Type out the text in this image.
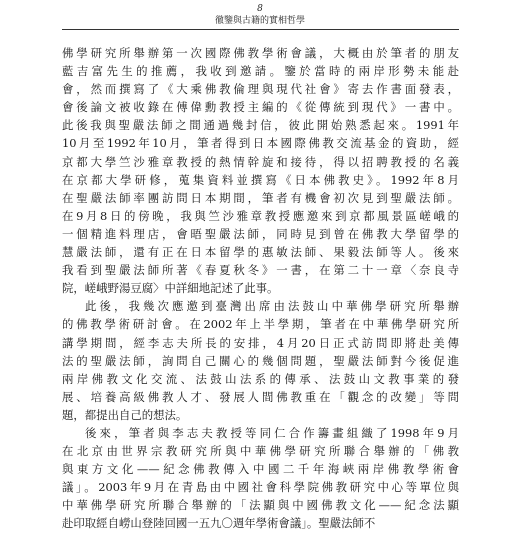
8
徹鑒與古籍的實相哲學
佛學研究所舉辦第一次國際佛教學術會議，大概由於筆者的朋友
藍吉富先生的推薦，我收到邀請。鑒於當時的兩岸形勢未能赴
會，然而撰寫了《大乘佛教倫理與現代社會》寄去作書面發表，
會後論文被收錄在傅偉勳教授主編的《從傳統到現代》一書中。
此後我與聖嚴法師之間通過幾封信，彼此開始熟悉起來。1991年
10月至1992年10月，筆者得到日本國際佛教交流基金的資助，經
京都大學竺沙雅章教授的熱情幹旋和接待，得以招聘教授的名義
在京都大學研修，蒐集資料並撰寫《日本佛教史》。1992年8月
在聖嚴法師率團訪問日本期間，筆者有機會初次見到聖嚴法師。
在9月8日的傍晚，我與竺沙雅章教授應邀來到京都風景區嵯峨的
一個精進料理店，會晤聖嚴法師，同時見到曾在佛教大學留學的
慧嚴法師，還有正在日本留學的惠敏法師、果毅法師等人。後來
我看到聖嚴法師所著《春夏秋冬》一書，在第二十一章〈奈良寺
院，嵯峨野湯豆腐〉中詳細地記述了此事。
此後，我幾次應邀到臺灣出席由法鼓山中華佛學研究所舉辦
的佛教學術研討會。在2002年上半學期，筆者在中華佛學研究所
講學期間，經李志夫所長的安排，4月20日正式訪問即將赴美傳
法的聖嚴法師，詢問自己關心的幾個問題，聖嚴法師對今後促進
兩岸佛教文化交流、法鼓山法系的傳承、法鼓山文教事業的發
展、培養高級佛教人才、發展人間佛教重在「觀念的改變」等問
題，都提出自己的想法。
後來，筆者與李志夫教授等同仁合作籌畫組織了1998年9月
在北京由世界宗教研究所與中華佛學研究所聯合舉辦的「佛教
與東方文化——紀念佛教傳入中國二千年海峽兩岸佛教學術會
議」。2003年9月在青島由中國社會科學院佛教研究中心等單位與
中華佛學研究所聯合舉辦的「法顯與中國佛教文化——紀念法顯
赴印取經自嶗山登陸回國一五九〇週年學術會議」。聖嚴法師不
